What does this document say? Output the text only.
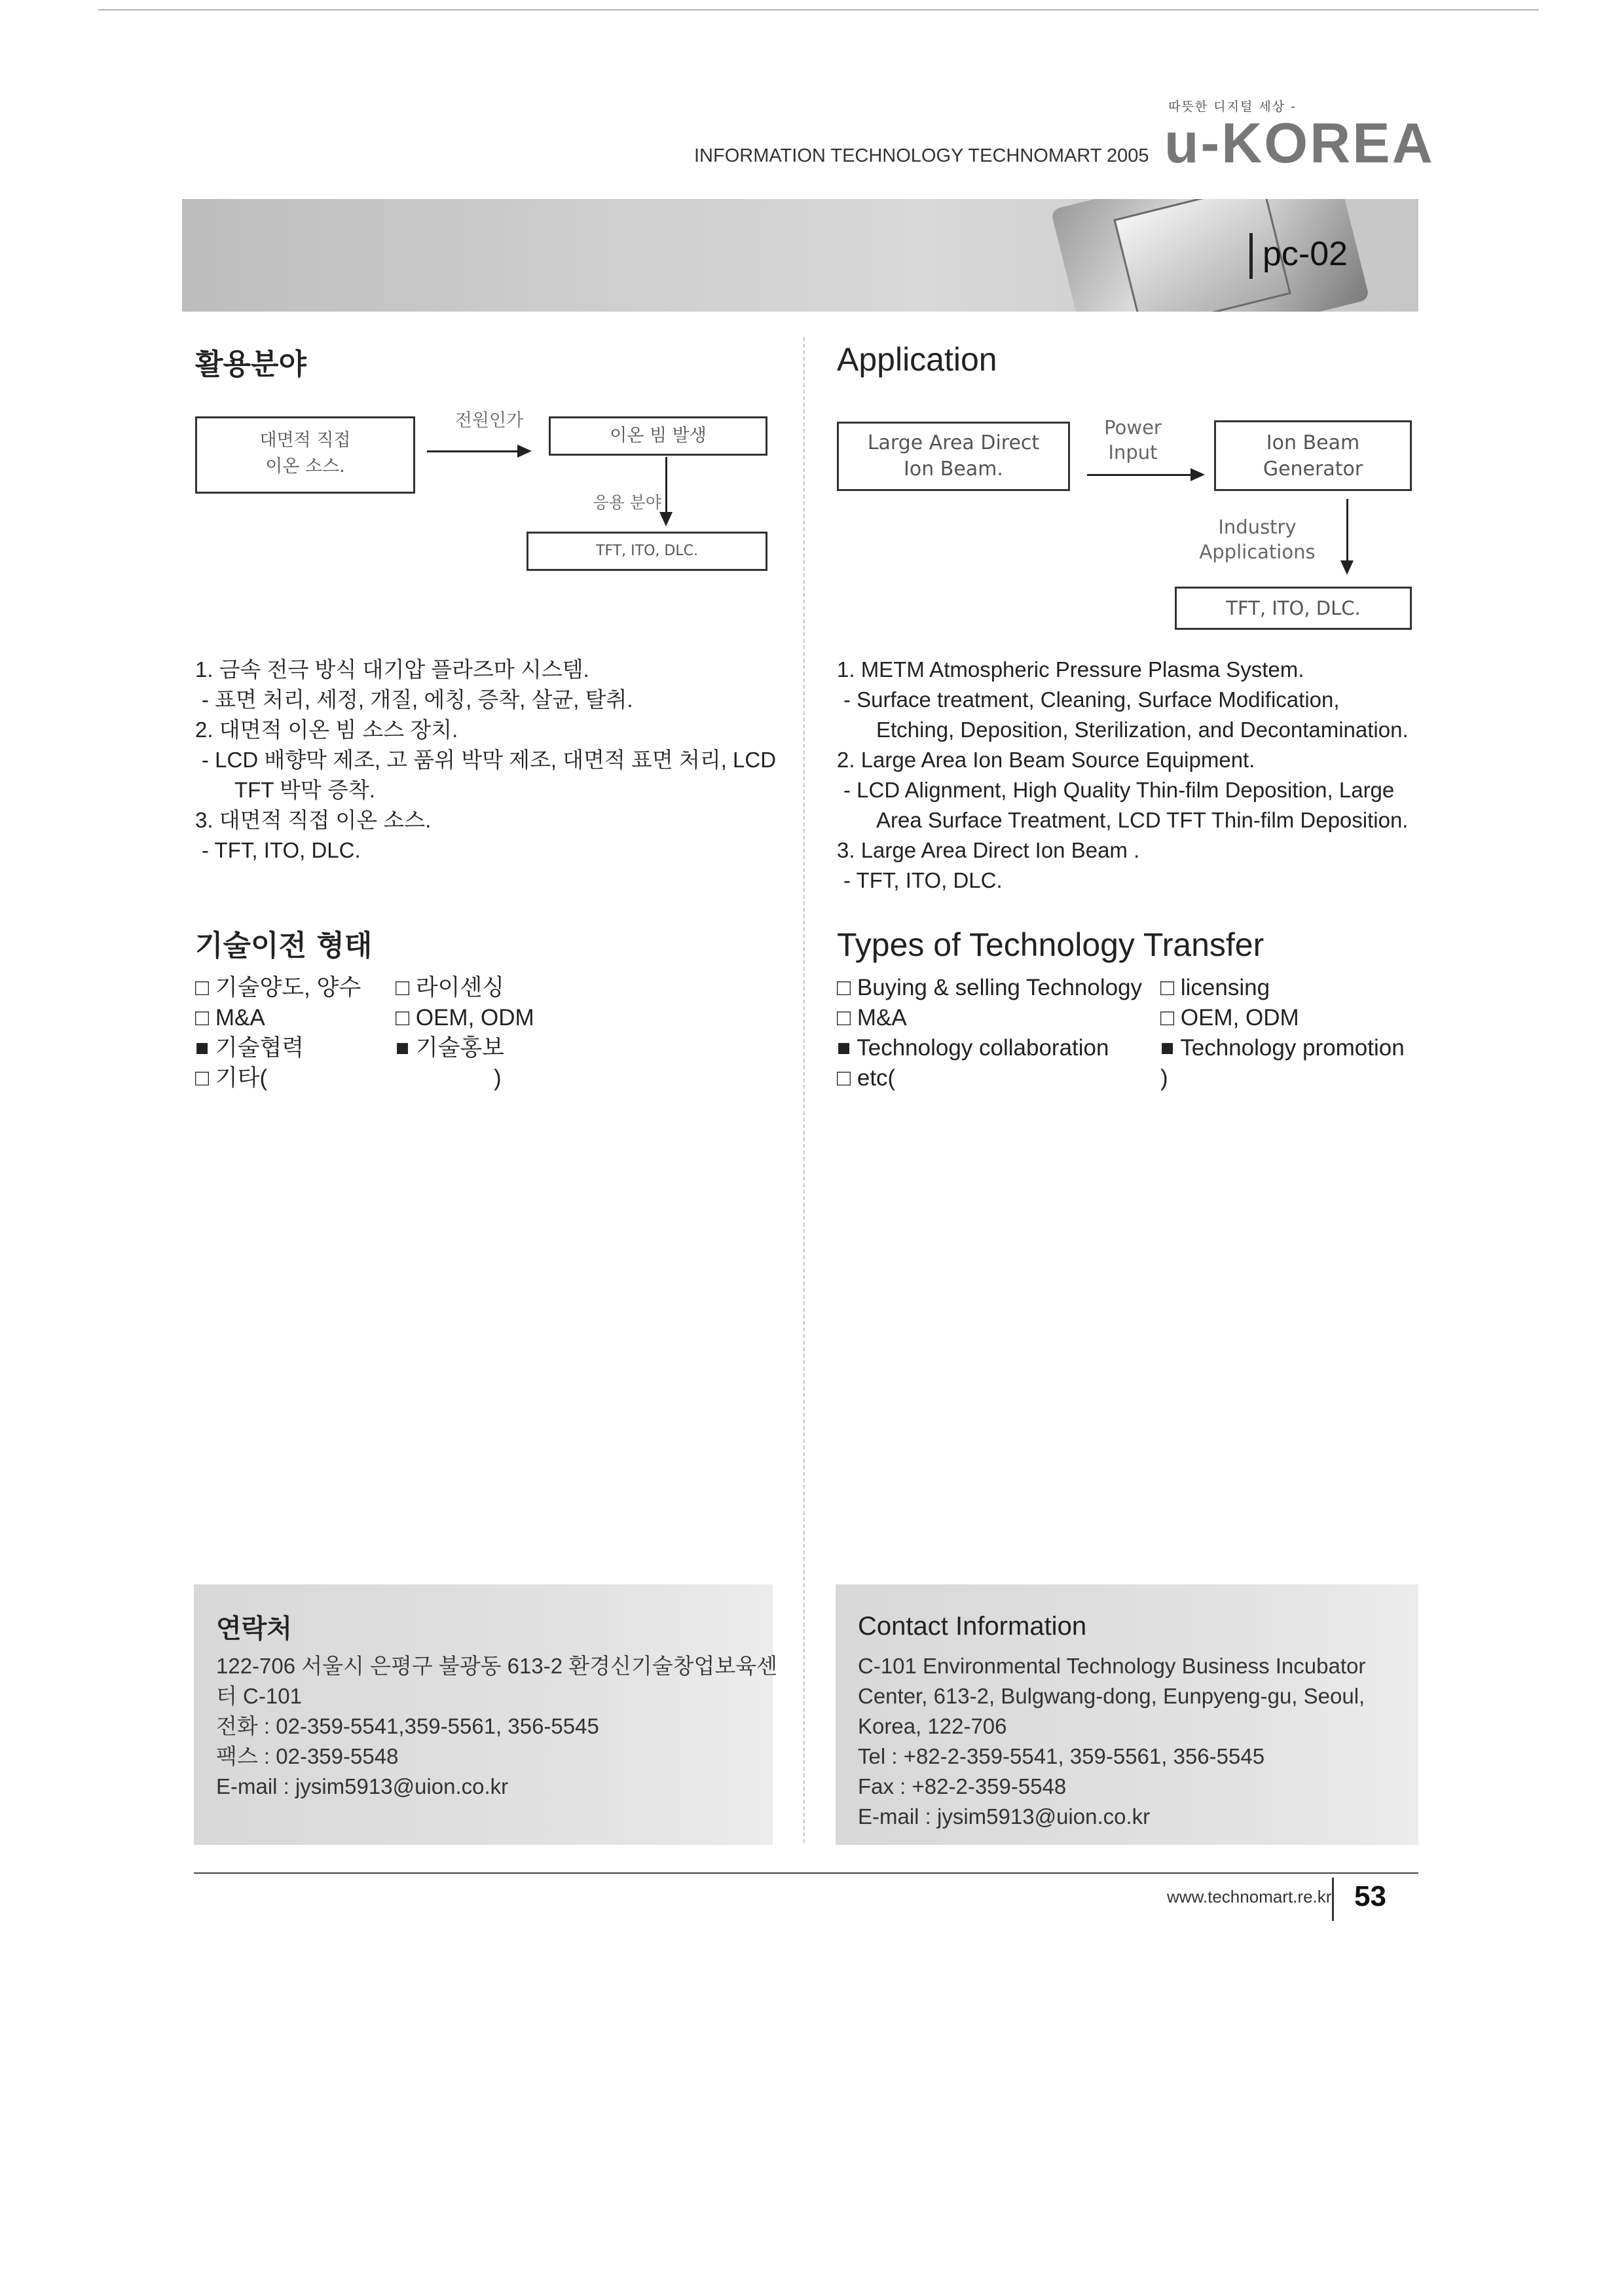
따뜻한 디지털 세상 -
INFORMATION TECHNOLOGY TECHNOMART 2005 u-KOREA
pc-02
활용분야
대면적 직접
이온 소스.
전원인가
이온 빔 발생
응용 분야
TFT, ITO, DLC.
1. 금속 전극 방식 대기압 플라즈마 시스템.
- 표면 처리, 세정, 개질, 에칭, 증착, 살균, 탈취.
2. 대면적 이온 빔 소스 장치.
- LCD 배향막 제조, 고 품위 박막 제조, 대면적 표면 처리, LCD
TFT 박막 증착.
3. 대면적 직접 이온 소스.
- TFT, ITO, DLC.
기술이전 형태
□ 기술양도, 양수 □ 라이센싱
□ M&A	□ OEM, ODM
■ 기술협력	■ 기술홍보
□ 기타(	)
연락처
122-706 서울시 은평구 불광동 613-2 환경신기술창업보육센
터 C-101
전화 : 02-359-5541,359-5561, 356-5545
팩스 : 02-359-5548
E-mail : jysim5913@uion.co.kr
Application
Large Area Direct
Ion Beam.
Power
Input	Ion Beam
Generator
Industry
Applications
TFT, ITO, DLC.
1. METM Atmospheric Pressure Plasma System.
- Surface treatment, Cleaning, Surface Modification,
Etching, Deposition, Sterilization, and Decontamination.
2. Large Area Ion Beam Source Equipment.
- LCD Alignment, High Quality Thin-film Deposition, Large
Area Surface Treatment, LCD TFT Thin-film Deposition.
3. Large Area Direct Ion Beam .
- TFT, ITO, DLC.
Types of Technology Transfer
□ Buying & selling Technology □ licensing
□ M&A	□ OEM, ODM
■ Technology collaboration ■ Technology promotion
□ etc(	)
Contact Information
C-101 Environmental Technology Business Incubator
Center, 613-2, Bulgwang-dong, Eunpyeng-gu, Seoul,
Korea, 122-706
Tel : +82-2-359-5541, 359-5561, 356-5545
Fax : +82-2-359-5548
E-mail : jysim5913@uion.co.kr
www.technomart.re.kr 53
